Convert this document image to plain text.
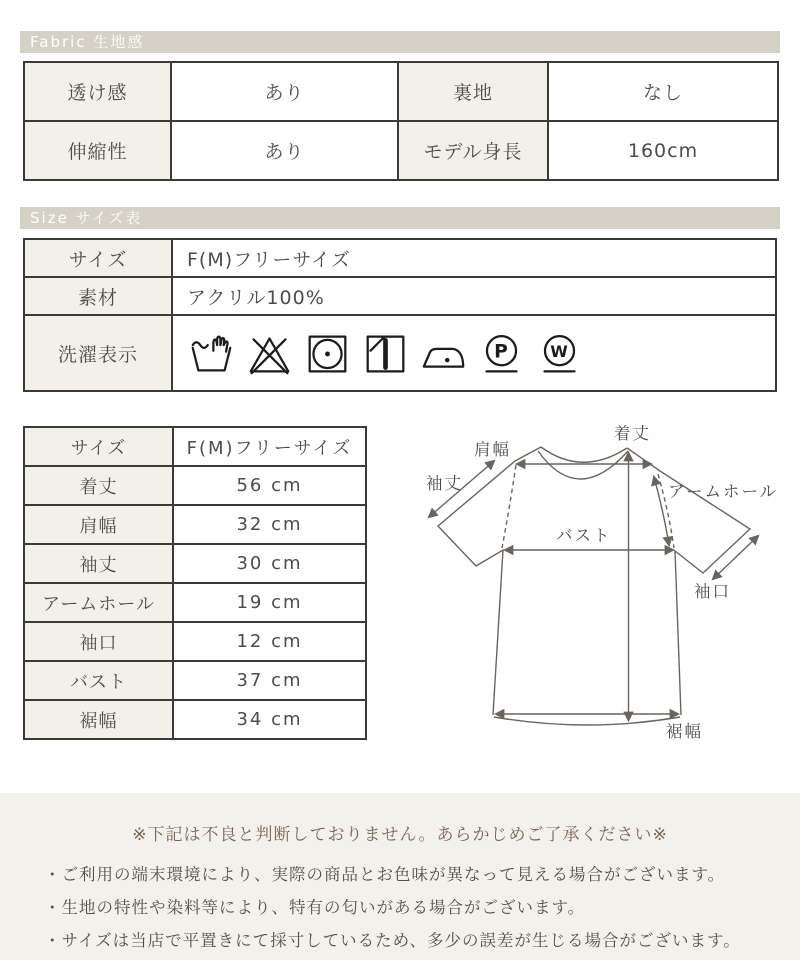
Fabric 生地感
透け感	あり	裏地	なし
伸縮性	あり	モデル身長	160cm
Size サイズ表
サイズ	F(M)フリーサイズ
素材	アクリル100%
洗濯表示	P W
サイズ	F(M)フリーサイズ
着丈	56 cm
肩幅	32 cm
袖丈	30 cm
アームホール	19 cm
袖口	12 cm
バスト	37 cm
裾幅	34 cm
着丈
肩幅
袖丈	アームホール
バスト
袖口
裾幅
※下記は不良と判断しておりません。あらかじめご了承ください※
・ご利用の端末環境により、実際の商品とお色味が異なって見える場合がございます。
・生地の特性や染料等により、特有の匂いがある場合がございます。
・サイズは当店で平置きにて採寸しているため、多少の誤差が生じる場合がございます。
